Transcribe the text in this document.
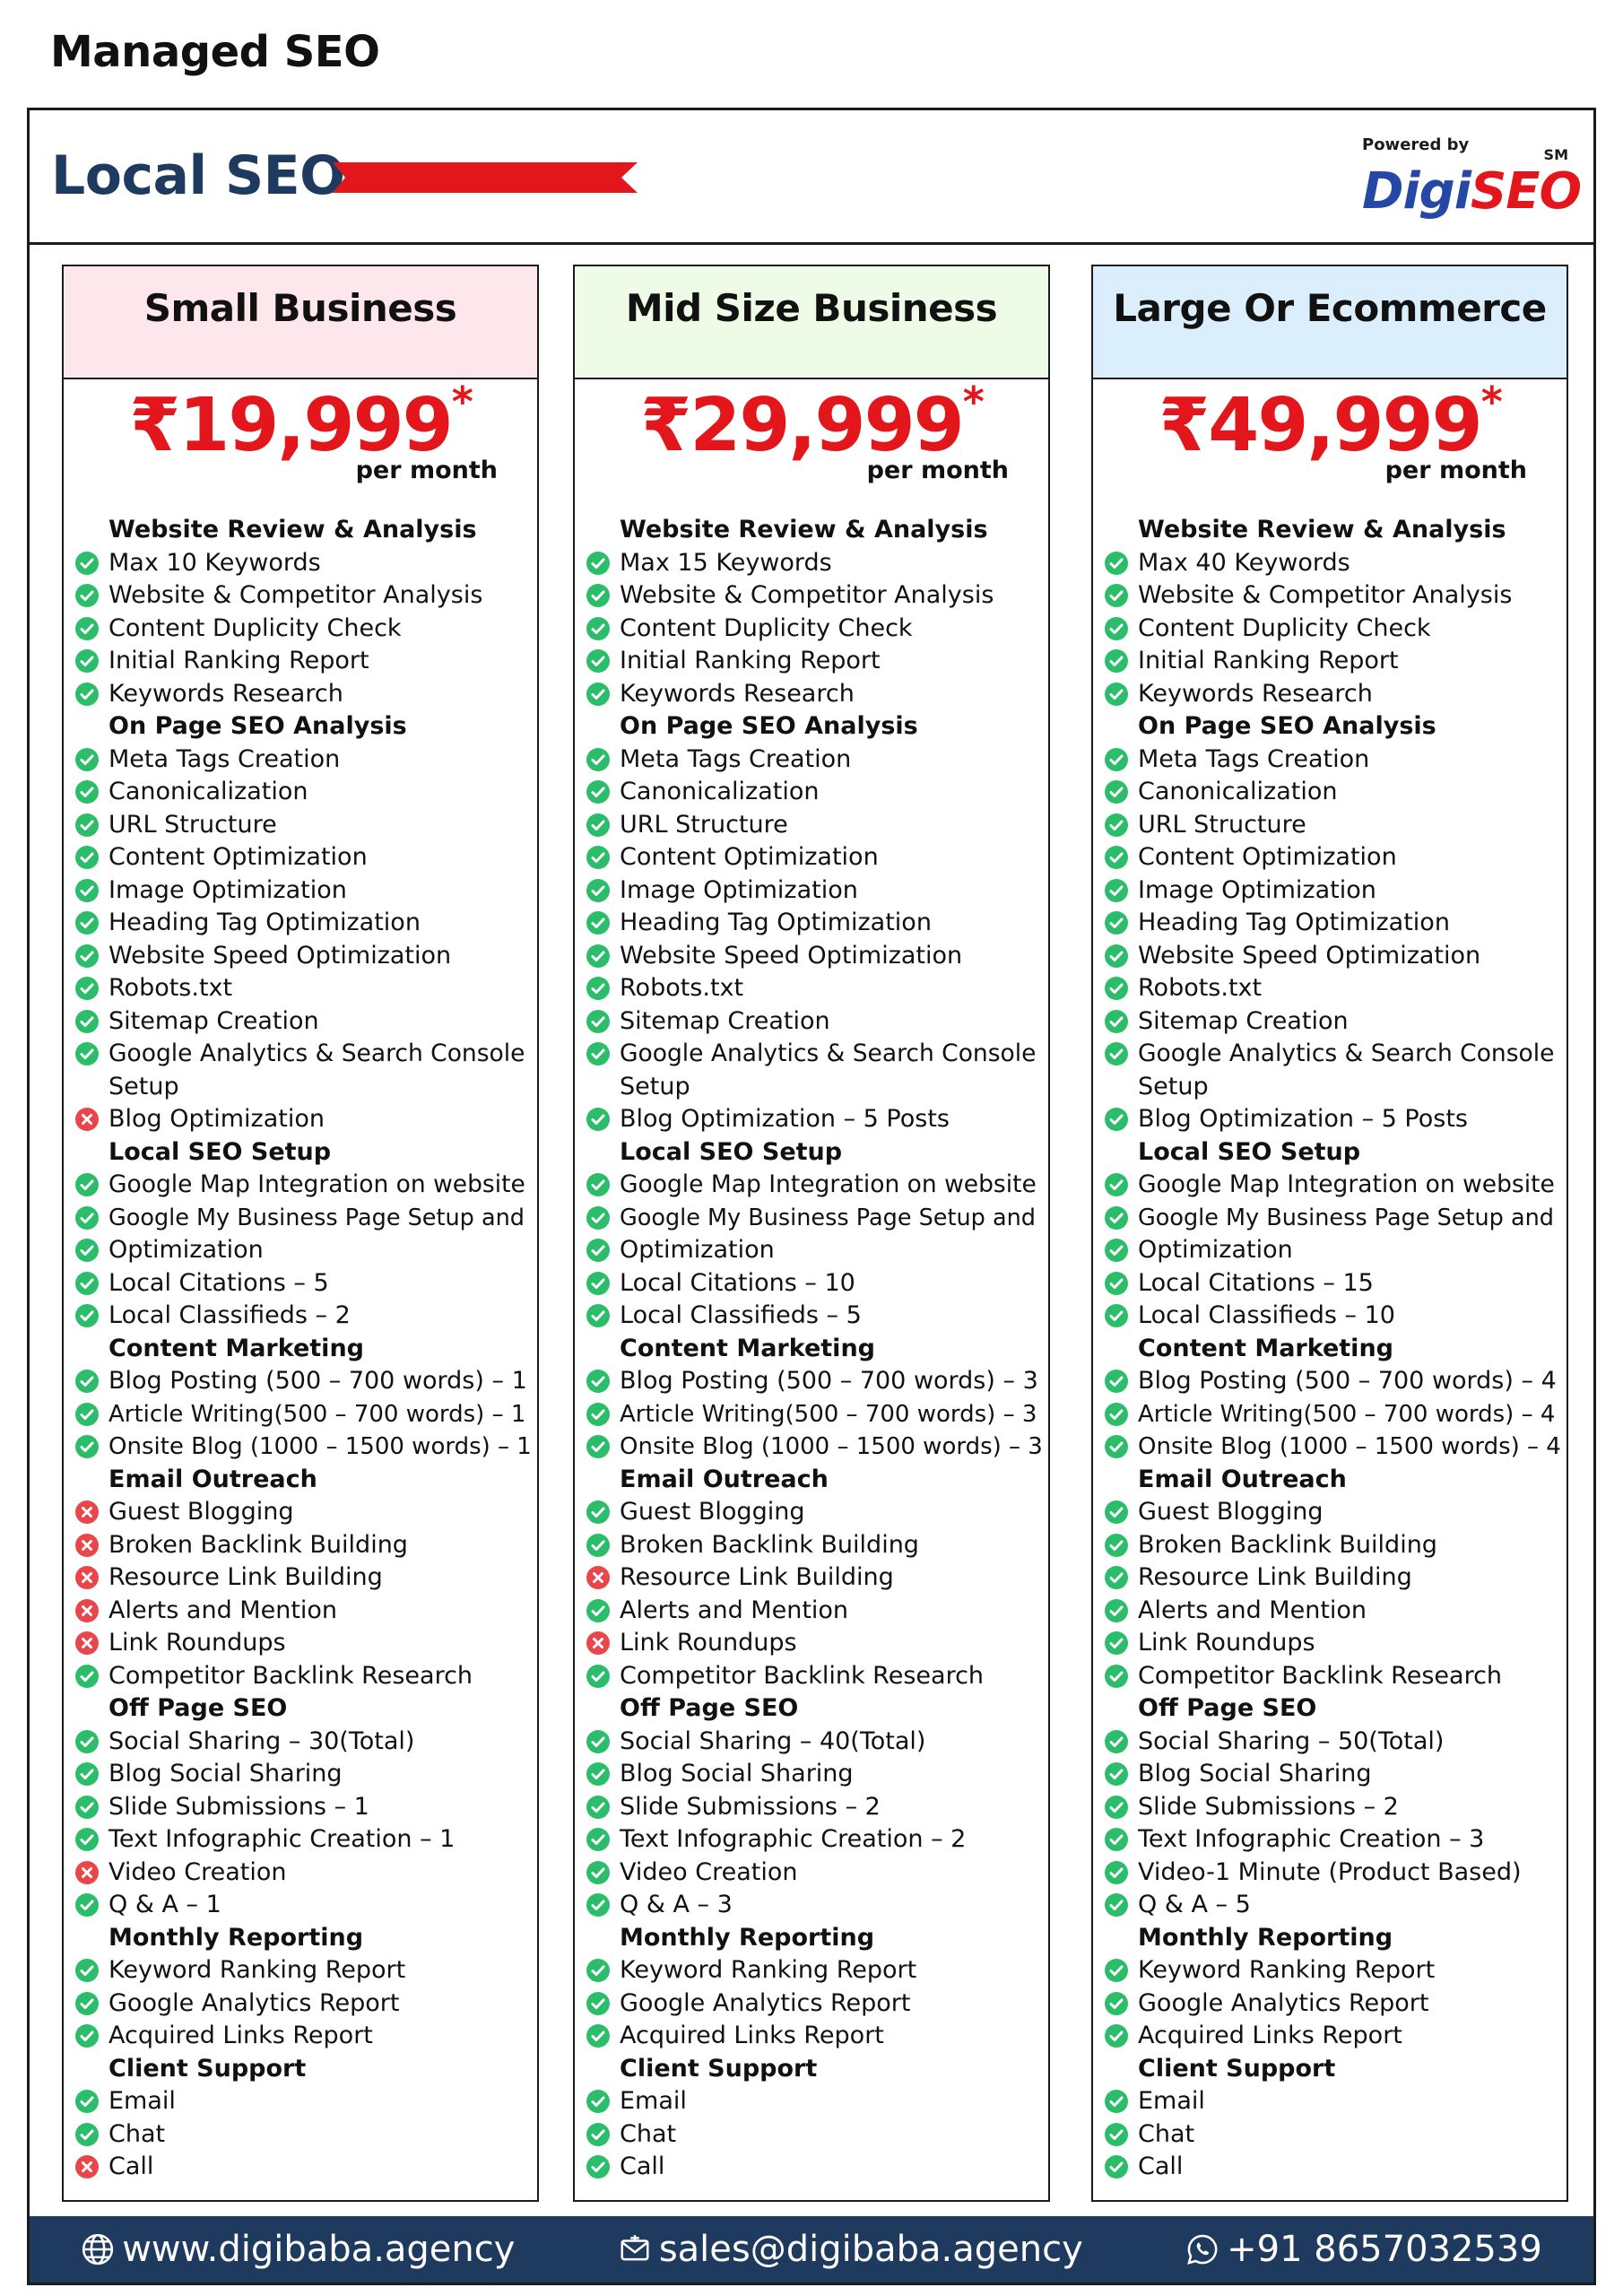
Managed SEO
Local SEO	Powered by
SM
DigiSEO
Small Business
₹19,999*
per month
Website Review & Analysis
Max 10 Keywords
Website & Competitor Analysis
Content Duplicity Check
Initial Ranking Report
Keywords Research
On Page SEO Analysis
Meta Tags Creation
Canonicalization
URL Structure
Content Optimization
Image Optimization
Heading Tag Optimization
Website Speed Optimization
Robots.txt
Sitemap Creation
Google Analytics & Search Console
Setup
Blog Optimization
Local SEO Setup
Google Map Integration on website
Google My Business Page Setup and
Optimization
Local Citations – 5
Local Classifieds – 2
Content Marketing
Blog Posting (500 – 700 words) – 1
Article Writing(500 – 700 words) – 1
Onsite Blog (1000 – 1500 words) – 1
Email Outreach
Guest Blogging
Broken Backlink Building
Resource Link Building
Alerts and Mention
Link Roundups
Competitor Backlink Research
Off Page SEO
Social Sharing – 30(Total)
Blog Social Sharing
Slide Submissions – 1
Text Infographic Creation – 1
Video Creation
Q & A – 1
Monthly Reporting
Keyword Ranking Report
Google Analytics Report
Acquired Links Report
Client Support
Email
Chat
Call
Mid Size Business
₹29,999*
per month
Website Review & Analysis
Max 15 Keywords
Website & Competitor Analysis
Content Duplicity Check
Initial Ranking Report
Keywords Research
On Page SEO Analysis
Meta Tags Creation
Canonicalization
URL Structure
Content Optimization
Image Optimization
Heading Tag Optimization
Website Speed Optimization
Robots.txt
Sitemap Creation
Google Analytics & Search Console
Setup
Blog Optimization – 5 Posts
Local SEO Setup
Google Map Integration on website
Google My Business Page Setup and
Optimization
Local Citations – 10
Local Classifieds – 5
Content Marketing
Blog Posting (500 – 700 words) – 3
Article Writing(500 – 700 words) – 3
Onsite Blog (1000 – 1500 words) – 3
Email Outreach
Guest Blogging
Broken Backlink Building
Resource Link Building
Alerts and Mention
Link Roundups
Competitor Backlink Research
Off Page SEO
Social Sharing – 40(Total)
Blog Social Sharing
Slide Submissions – 2
Text Infographic Creation – 2
Video Creation
Q & A – 3
Monthly Reporting
Keyword Ranking Report
Google Analytics Report
Acquired Links Report
Client Support
Email
Chat
Call
Large Or Ecommerce
₹49,999*
per month
Website Review & Analysis
Max 40 Keywords
Website & Competitor Analysis
Content Duplicity Check
Initial Ranking Report
Keywords Research
On Page SEO Analysis
Meta Tags Creation
Canonicalization
URL Structure
Content Optimization
Image Optimization
Heading Tag Optimization
Website Speed Optimization
Robots.txt
Sitemap Creation
Google Analytics & Search Console
Setup
Blog Optimization – 5 Posts
Local SEO Setup
Google Map Integration on website
Google My Business Page Setup and
Optimization
Local Citations – 15
Local Classifieds – 10
Content Marketing
Blog Posting (500 – 700 words) – 4
Article Writing(500 – 700 words) – 4
Onsite Blog (1000 – 1500 words) – 4
Email Outreach
Guest Blogging
Broken Backlink Building
Resource Link Building
Alerts and Mention
Link Roundups
Competitor Backlink Research
Off Page SEO
Social Sharing – 50(Total)
Blog Social Sharing
Slide Submissions – 2
Text Infographic Creation – 3
Video-1 Minute (Product Based)
Q & A – 5
Monthly Reporting
Keyword Ranking Report
Google Analytics Report
Acquired Links Report
Client Support
Email
Chat
Call
www.digibaba.agency	sales@digibaba.agency	+91 8657032539
